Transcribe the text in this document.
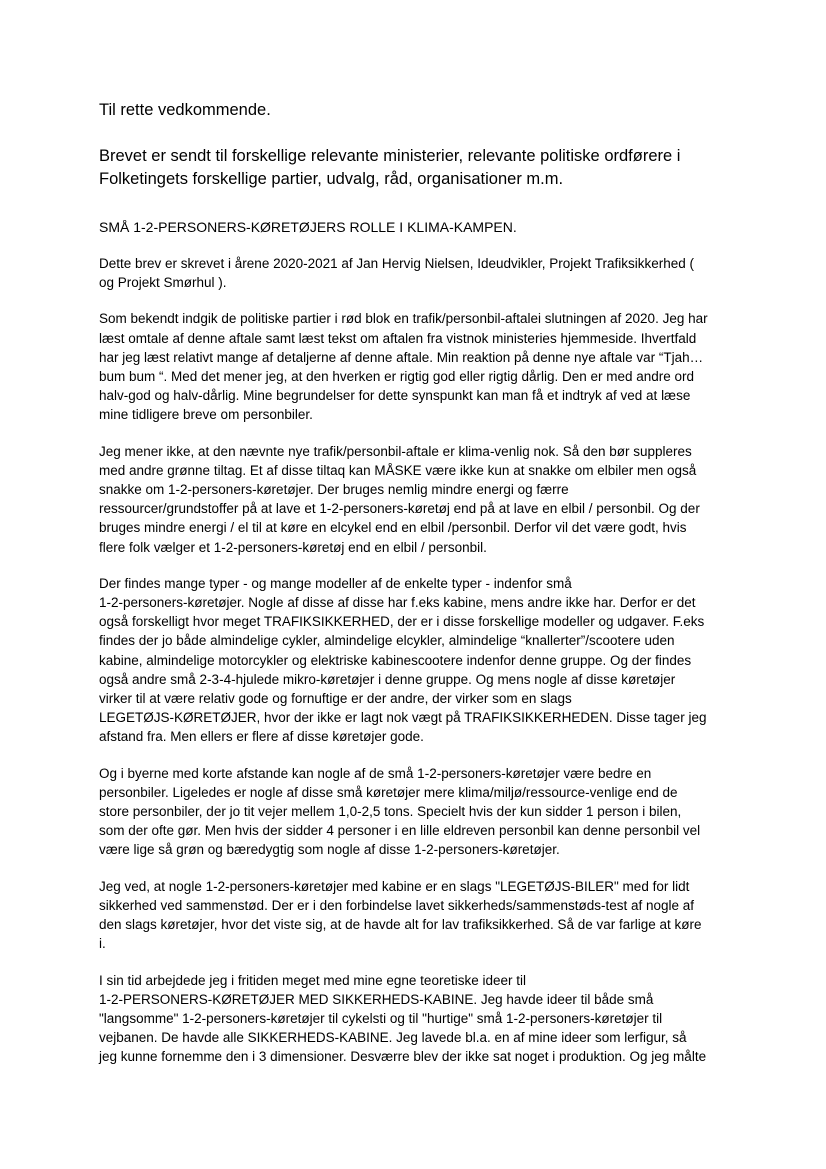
Til rette vedkommende.

Brevet er sendt til forskellige relevante ministerier, relevante politiske ordførere i
Folketingets forskellige partier, udvalg, råd, organisationer m.m.

SMÅ 1-2-PERSONERS-KØRETØJERS ROLLE I KLIMA-KAMPEN.

Dette brev er skrevet i årene 2020-2021 af Jan Hervig Nielsen, Ideudvikler, Projekt Trafiksikkerhed (
og Projekt Smørhul ).

Som bekendt indgik de politiske partier i rød blok en trafik/personbil-aftalei slutningen af 2020. Jeg har
læst omtale af denne aftale samt læst tekst om aftalen fra vistnok ministeries hjemmeside. Ihvertfald
har jeg læst relativt mange af detaljerne af denne aftale. Min reaktion på denne nye aftale var “Tjah…
bum bum “. Med det mener jeg, at den hverken er rigtig god eller rigtig dårlig. Den er med andre ord
halv-god og halv-dårlig. Mine begrundelser for dette synspunkt kan man få et indtryk af ved at læse
mine tidligere breve om personbiler.

Jeg mener ikke, at den nævnte nye trafik/personbil-aftale er klima-venlig nok. Så den bør suppleres
med andre grønne tiltag. Et af disse tiltaq kan MÅSKE være ikke kun at snakke om elbiler men også
snakke om 1-2-personers-køretøjer. Der bruges nemlig mindre energi og færre
ressourcer/grundstoffer på at lave et 1-2-personers-køretøj end på at lave en elbil / personbil. Og der
bruges mindre energi / el til at køre en elcykel end en elbil /personbil. Derfor vil det være godt, hvis
flere folk vælger et 1-2-personers-køretøj end en elbil / personbil.

Der findes mange typer - og mange modeller af de enkelte typer - indenfor små
1-2-personers-køretøjer. Nogle af disse af disse har f.eks kabine, mens andre ikke har. Derfor er det
også forskelligt hvor meget TRAFIKSIKKERHED, der er i disse forskellige modeller og udgaver. F.eks
findes der jo både almindelige cykler, almindelige elcykler, almindelige “knallerter”/scootere uden
kabine, almindelige motorcykler og elektriske kabinescootere indenfor denne gruppe. Og der findes
også andre små 2-3-4-hjulede mikro-køretøjer i denne gruppe. Og mens nogle af disse køretøjer
virker til at være relativ gode og fornuftige er der andre, der virker som en slags
LEGETØJS-KØRETØJER, hvor der ikke er lagt nok vægt på TRAFIKSIKKERHEDEN. Disse tager jeg
afstand fra. Men ellers er flere af disse køretøjer gode.

Og i byerne med korte afstande kan nogle af de små 1-2-personers-køretøjer være bedre en
personbiler. Ligeledes er nogle af disse små køretøjer mere klima/miljø/ressource-venlige end de
store personbiler, der jo tit vejer mellem 1,0-2,5 tons. Specielt hvis der kun sidder 1 person i bilen,
som der ofte gør. Men hvis der sidder 4 personer i en lille eldreven personbil kan denne personbil vel
være lige så grøn og bæredygtig som nogle af disse 1-2-personers-køretøjer.

Jeg ved, at nogle 1-2-personers-køretøjer med kabine er en slags "LEGETØJS-BILER" med for lidt
sikkerhed ved sammenstød. Der er i den forbindelse lavet sikkerheds/sammenstøds-test af nogle af
den slags køretøjer, hvor det viste sig, at de havde alt for lav trafiksikkerhed. Så de var farlige at køre
i.

I sin tid arbejdede jeg i fritiden meget med mine egne teoretiske ideer til
1-2-PERSONERS-KØRETØJER MED SIKKERHEDS-KABINE. Jeg havde ideer til både små
"langsomme" 1-2-personers-køretøjer til cykelsti og til "hurtige" små 1-2-personers-køretøjer til
vejbanen. De havde alle SIKKERHEDS-KABINE. Jeg lavede bl.a. en af mine ideer som lerfigur, så
jeg kunne fornemme den i 3 dimensioner. Desværre blev der ikke sat noget i produktion. Og jeg målte
